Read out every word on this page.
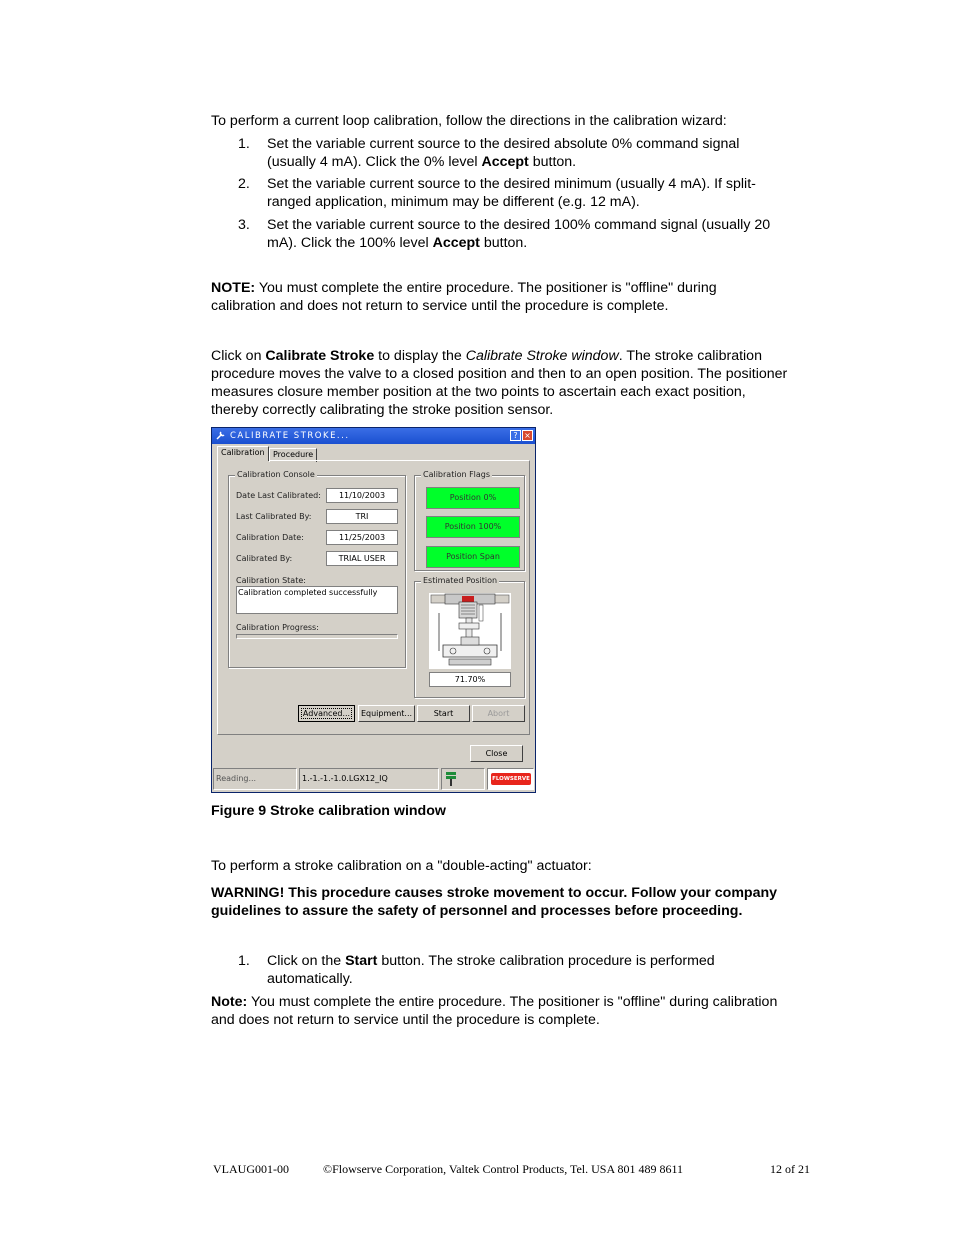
To perform a current loop calibration, follow the directions in the calibration wizard:

1.	Set the variable current source to the desired absolute 0% command signal
(usually 4 mA). Click the 0% level Accept button.
2.	Set the variable current source to the desired minimum (usually 4 mA). If split-
ranged application, minimum may be different (e.g. 12 mA).
3.	Set the variable current source to the desired 100% command signal (usually 20
mA). Click the 100% level Accept button.

NOTE: You must complete the entire procedure. The positioner is "offline" during
calibration and does not return to service until the procedure is complete.

Click on Calibrate Stroke to display the Calibrate Stroke window. The stroke calibration
procedure moves the valve to a closed position and then to an open position. The positioner
measures closure member position at the two points to ascertain each exact position,
thereby correctly calibrating the stroke position sensor.

CALIBRATE STROKE...	? ×
Calibration	Procedure
Calibration Console
Date Last Calibrated:	11/10/2003
Last Calibrated By:	TRI
Calibration Date:	11/25/2003
Calibrated By:	TRIAL USER
Calibration State:
Calibration completed successfully
Calibration Progress:
Calibration Flags
Position 0%
Position 100%
Position Span
Estimated Position
71.70%
Advanced...	Equipment...	Start	Abort
Close
Reading...	1.-1.-1.-1.0.LGX12_IQ	FLOWSERVE

Figure 9 Stroke calibration window

To perform a stroke calibration on a "double-acting" actuator:

WARNING! This procedure causes stroke movement to occur. Follow your company
guidelines to assure the safety of personnel and processes before proceeding.

1.	Click on the Start button. The stroke calibration procedure is performed
automatically.

Note: You must complete the entire procedure. The positioner is "offline" during calibration
and does not return to service until the procedure is complete.

VLAUG001-00	©Flowserve Corporation, Valtek Control Products, Tel. USA 801 489 8611	12 of 21
